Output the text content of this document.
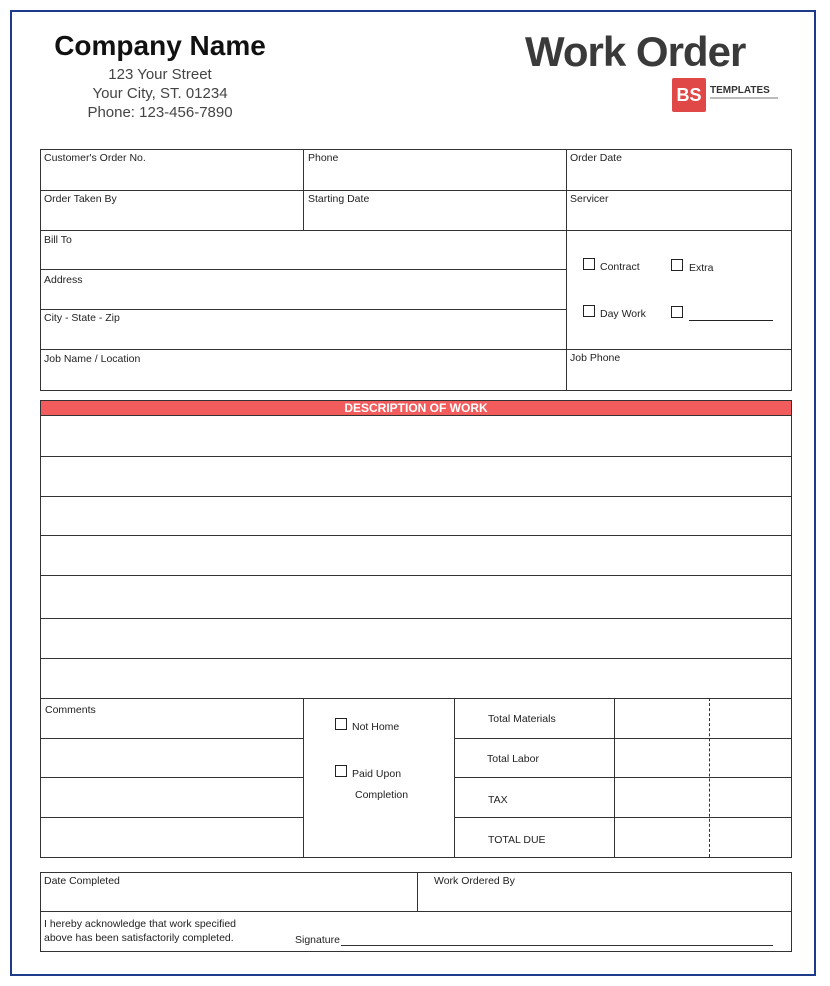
Company Name
123 Your Street
Your City, ST. 01234
Phone: 123-456-7890
Work Order
BS TEMPLATES
Customer's Order No.	Phone	Order Date
Order Taken By	Starting Date	Servicer
Bill To
Address
City - State - Zip
Job Name / Location	Job Phone
Contract	Extra
Day Work
DESCRIPTION OF WORK
Comments
Not Home
Paid Upon
Completion
Total Materials
Total Labor
TAX
TOTAL DUE
Date Completed	Work Ordered By
I hereby acknowledge that work specified
above has been satisfactorily completed.	Signature
